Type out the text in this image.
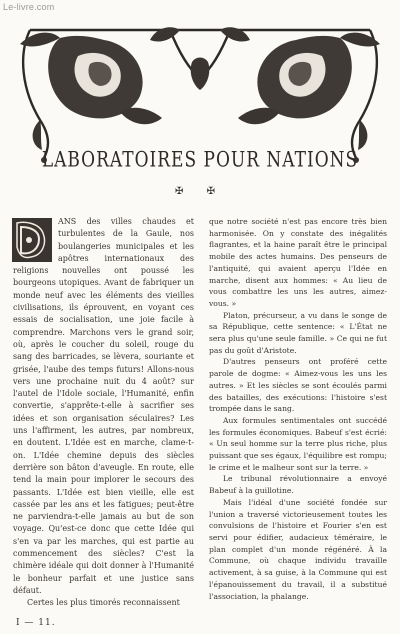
Le-livre.com
LABORATOIRES POUR NATIONS
✠ ✠

ANS des villes chaudes et turbulentes de la Gaule, nos boulangeries municipales et les apôtres internationaux des religions nouvelles ont poussé les bourgeons utopiques. Avant de fabriquer un monde neuf avec les éléments des vieilles civilisations, ils éprouvent, en voyant ces essais de socialisation, une joie facile à comprendre. Marchons vers le grand soir, où, après le coucher du soleil, rouge du sang des barricades, se lèvera, souriante et grisée, l'aube des temps futurs! Allons-nous vers une prochaine nuit du 4 août? sur l'autel de l'Idole sociale, l'Humanité, enfin convertie, s'apprête-t-elle à sacrifier ses idées et son organisation séculaires? Les uns l'affirment, les autres, par nombreux, en doutent. L'Idée est en marche, clame-t-on. L'Idée chemine depuis des siècles derrière son bâton d'aveugle. En route, elle tend la main pour implorer le secours des passants. L'Idée est bien vieille, elle est cassée par les ans et les fatigues; peut-être ne parviendra-t-elle jamais au but de son voyage. Qu'est-ce donc que cette Idée qui s'en va par les marches, qui est partie au commencement des siècles? C'est la chimère idéale qui doit donner à l'Humanité le bonheur parfait et une justice sans défaut.

Certes les plus timorés reconnaissent

que notre société n'est pas encore très bien harmonisée. On y constate des inégalités flagrantes, et la haine paraît être le principal mobile des actes humains. Des penseurs de l'antiquité, qui avaient aperçu l'Idée en marche, disent aux hommes: « Au lieu de vous combattre les uns les autres, aimez-vous. »

Platon, précurseur, a vu dans le songe de sa République, cette sentence: « L'État ne sera plus qu'une seule famille. » Ce qui ne fut pas du goût d'Aristote.

D'autres penseurs ont proféré cette parole de dogme: « Aimez-vous les uns les autres. » Et les siècles se sont écoulés parmi des batailles, des exécutions: l'histoire s'est trompée dans le sang.

Aux formules sentimentales ont succédé les formules économiques. Babeuf s'est écrié: « Un seul homme sur la terre plus riche, plus puissant que ses égaux, l'équilibre est rompu; le crime et le malheur sont sur la terre. »

Le tribunal révolutionnaire a envoyé Babeuf à la guillotine.

Mais l'idéal d'une société fondée sur l'union a traversé victorieusement toutes les convulsions de l'histoire et Fourier s'en est servi pour édifier, audacieux téméraire, le plan complet d'un monde régénéré. À la Commune, où chaque individu travaille activement, à sa guise, à la Commune qui est l'épanouissement du travail, il a substitué l'association, la phalange.

I — 11.
